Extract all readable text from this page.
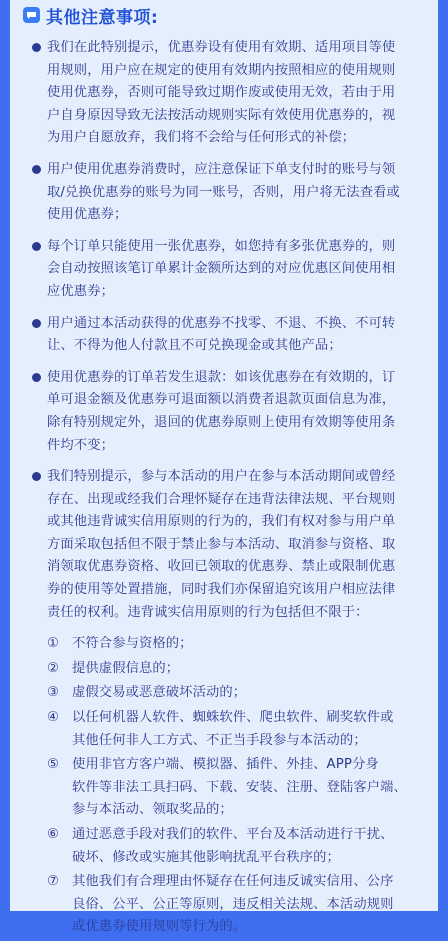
其他注意事项:
我们在此特别提示，优惠券设有使用有效期、适用项目等使
用规则，用户应在规定的使用有效期内按照相应的使用规则
使用优惠券，否则可能导致过期作废或使用无效，若由于用
户自身原因导致无法按活动规则实际有效使用优惠券的，视
为用户自愿放弃，我们将不会给与任何形式的补偿；
用户使用优惠券消费时，应注意保证下单支付时的账号与领
取/兑换优惠券的账号为同一账号，否则，用户将无法查看或
使用优惠券；
每个订单只能使用一张优惠券，如您持有多张优惠券的，则
会自动按照该笔订单累计金额所达到的对应优惠区间使用相
应优惠券；
用户通过本活动获得的优惠券不找零、不退、不换、不可转
让、不得为他人付款且不可兑换现金或其他产品；
使用优惠券的订单若发生退款：如该优惠券在有效期的，订
单可退金额及优惠券可退面额以消费者退款页面信息为准，
除有特别规定外，退回的优惠券原则上使用有效期等使用条
件均不变；
我们特别提示，参与本活动的用户在参与本活动期间或曾经
存在、出现或经我们合理怀疑存在违背法律法规、平台规则
或其他违背诚实信用原则的行为的，我们有权对参与用户单
方面采取包括但不限于禁止参与本活动、取消参与资格、取
消领取优惠券资格、收回已领取的优惠券、禁止或限制优惠
券的使用等处置措施，同时我们亦保留追究该用户相应法律
责任的权利。违背诚实信用原则的行为包括但不限于：
① 不符合参与资格的；
② 提供虚假信息的；
③ 虚假交易或恶意破坏活动的；
④ 以任何机器人软件、蜘蛛软件、爬虫软件、刷奖软件或
其他任何非人工方式、不正当手段参与本活动的；
⑤ 使用非官方客户端、模拟器、插件、外挂、APP分身
软件等非法工具扫码、下载、安装、注册、登陆客户端、
参与本活动、领取奖品的；
⑥ 通过恶意手段对我们的软件、平台及本活动进行干扰、
破坏、修改或实施其他影响扰乱平台秩序的；
⑦ 其他我们有合理理由怀疑存在任何违反诚实信用、公序
良俗、公平、公正等原则，违反相关法规、本活动规则
或优惠券使用规则等行为的。
